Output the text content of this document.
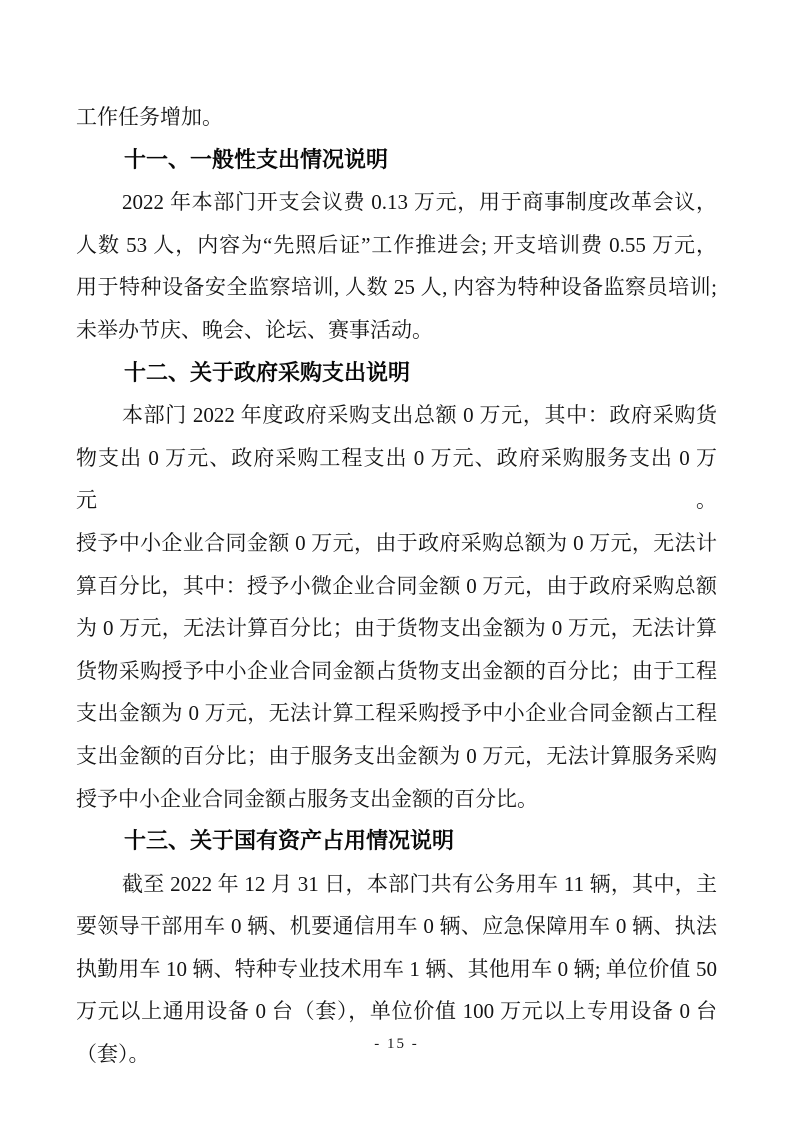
工作任务增加。

十一、一般性支出情况说明

2022 年本部门开支会议费 0.13 万元，用于商事制度改革会议，

人数 53 人，内容为“先照后证”工作推进会; 开支培训费 0.55 万元，

用于特种设备安全监察培训, 人数 25 人, 内容为特种设备监察员培训;

未举办节庆、晚会、论坛、赛事活动。

十二、关于政府采购支出说明

本部门 2022 年度政府采购支出总额 0 万元，其中：政府采购货

物支出 0 万元、政府采购工程支出 0 万元、政府采购服务支出 0 万元。

授予中小企业合同金额 0 万元，由于政府采购总额为 0 万元，无法计

算百分比，其中：授予小微企业合同金额 0 万元，由于政府采购总额

为 0 万元，无法计算百分比；由于货物支出金额为 0 万元，无法计算

货物采购授予中小企业合同金额占货物支出金额的百分比；由于工程

支出金额为 0 万元，无法计算工程采购授予中小企业合同金额占工程

支出金额的百分比；由于服务支出金额为 0 万元，无法计算服务采购

授予中小企业合同金额占服务支出金额的百分比。

十三、关于国有资产占用情况说明

截至 2022 年 12 月 31 日，本部门共有公务用车 11 辆，其中，主

要领导干部用车 0 辆、机要通信用车 0 辆、应急保障用车 0 辆、执法

执勤用车 10 辆、特种专业技术用车 1 辆、其他用车 0 辆; 单位价值 50

万元以上通用设备 0 台（套），单位价值 100 万元以上专用设备 0 台

（套）。	- 15 -
